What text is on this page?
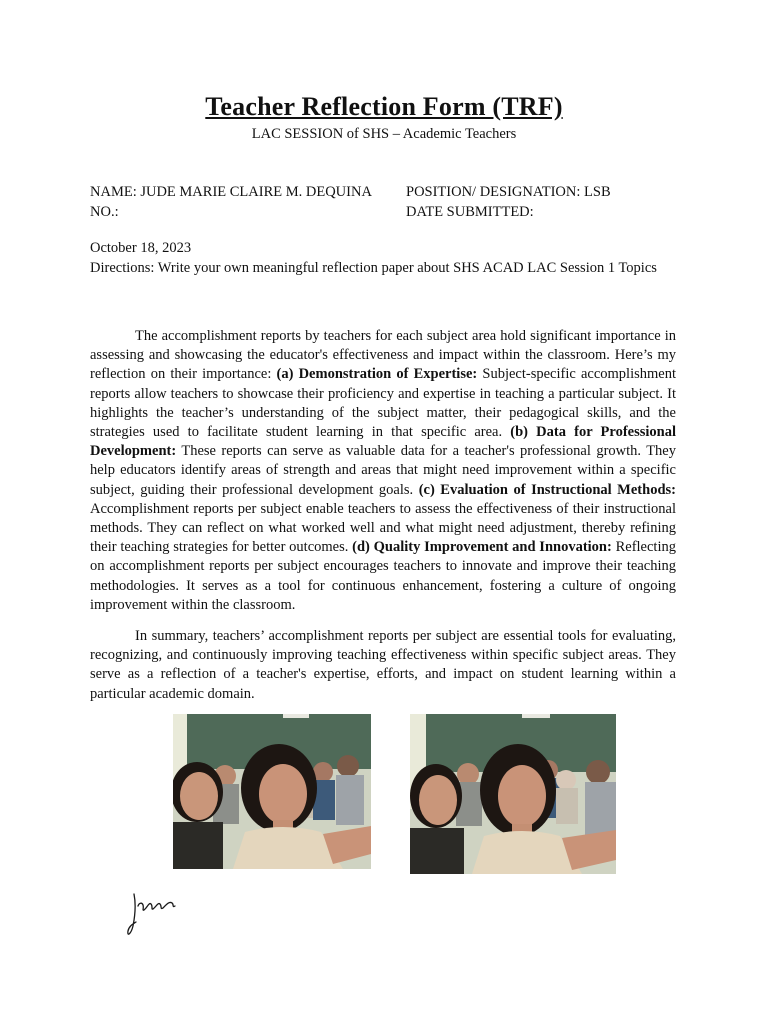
Teacher Reflection Form (TRF)
LAC SESSION of SHS – Academic Teachers
NAME: JUDE MARIE CLAIRE M. DEQUINA
NO.:
POSITION/ DESIGNATION: LSB
DATE SUBMITTED:
October 18, 2023
Directions: Write your own meaningful reflection paper about SHS ACAD LAC Session 1 Topics

The accomplishment reports by teachers for each subject area hold significant importance in assessing and showcasing the educator's effectiveness and impact within the classroom. Here’s my reflection on their importance: (a) Demonstration of Expertise: Subject-specific accomplishment reports allow teachers to showcase their proficiency and expertise in teaching a particular subject. It highlights the teacher’s understanding of the subject matter, their pedagogical skills, and the strategies used to facilitate student learning in that specific area. (b) Data for Professional Development: These reports can serve as valuable data for a teacher's professional growth. They help educators identify areas of strength and areas that might need improvement within a specific subject, guiding their professional development goals. (c) Evaluation of Instructional Methods: Accomplishment reports per subject enable teachers to assess the effectiveness of their instructional methods. They can reflect on what worked well and what might need adjustment, thereby refining their teaching strategies for better outcomes. (d) Quality Improvement and Innovation: Reflecting on accomplishment reports per subject encourages teachers to innovate and improve their teaching methodologies. It serves as a tool for continuous enhancement, fostering a culture of ongoing improvement within the classroom.

In summary, teachers’ accomplishment reports per subject are essential tools for evaluating, recognizing, and continuously improving teaching effectiveness within specific subject areas. They serve as a reflection of a teacher's expertise, efforts, and impact on student learning within a particular academic domain.
